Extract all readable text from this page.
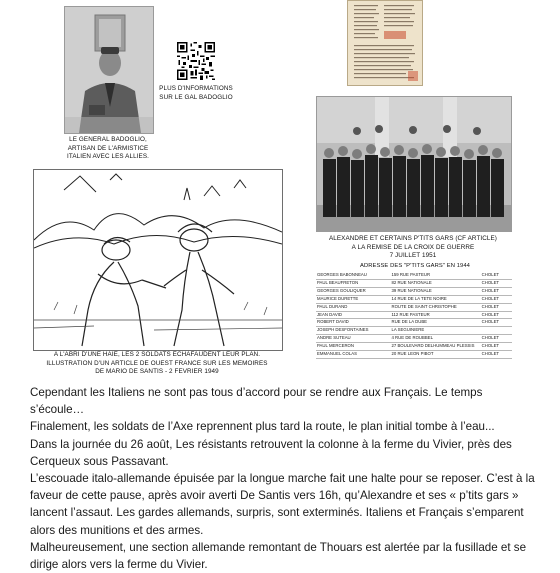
LE GENERAL BADOGLIO,
ARTISAN DE L'ARMISTICE
ITALIEN AVEC LES ALLIES.
PLUS D'INFORMATIONS
SUR LE GAL BADOGLIO
ALEXANDRE ET CERTAINS P'TITS GARS (CF ARTICLE)
A LA REMISE DE LA CROIX DE GUERRE
7 JUILLET 1951
ADRESSE DES "P'TITS GARS" EN 1944
GEORGES BABONNEAU	159 RUE PASTEUR	CHOLET
PAUL BEAUFRETON	82 RUE NATIONALE	CHOLET
GEORGES GOULIQUER	39 RUE NATIONALE	CHOLET
MAURICE DURETTE	14 RUE DE LA TETE NOIRE	CHOLET
PAUL DURAND	ROUTE DE SAINT CHRISTOPHE	CHOLET
JEAN DAVID	112 RUE PASTEUR	CHOLET
ROBERT DAVID	RUE DE LA DUBE	CHOLET
JOSEPH DESFONTAINES	LA SEGUINIERE	
ANDRE SUTEAU	4 RUE DE ROUBBEL	CHOLET
PAUL MERCERON	27 BOULEVARD DELHUMMEAU PLESSIS	CHOLET
EMMANUEL COLAS	20 RUE LEON PIBOT	CHOLET
A L'ABRI D'UNE HAIE, LES 2 SOLDATS ECHAFAUDENT LEUR PLAN.
ILLUSTRATION D'UN ARTICLE DE OUEST FRANCE SUR LES MEMOIRES
DE MARIO DE SANTIS - 2 FEVRIER 1949

Cependant les Italiens ne sont pas tous d’accord pour se rendre aux Français. Le temps s’écoule…

Finalement, les soldats de l’Axe reprennent plus tard la route, le plan initial tombe à l’eau...

Dans la journée du 26 août, Les résistants retrouvent la colonne à la ferme du Vivier, près des Cerqueux sous Passavant.

L’escouade italo-allemande épuisée par la longue marche fait une halte pour se reposer. C’est à la faveur de cette pause, après avoir averti De Santis vers 16h, qu’Alexandre et ses « p’tits gars » lancent l’assaut. Les gardes allemands, surpris, sont exterminés. Italiens et Français s’emparent alors des munitions et des armes.

Malheureusement, une section allemande remontant de Thouars est alertée par la fusillade et se dirige alors vers la ferme du Vivier.
